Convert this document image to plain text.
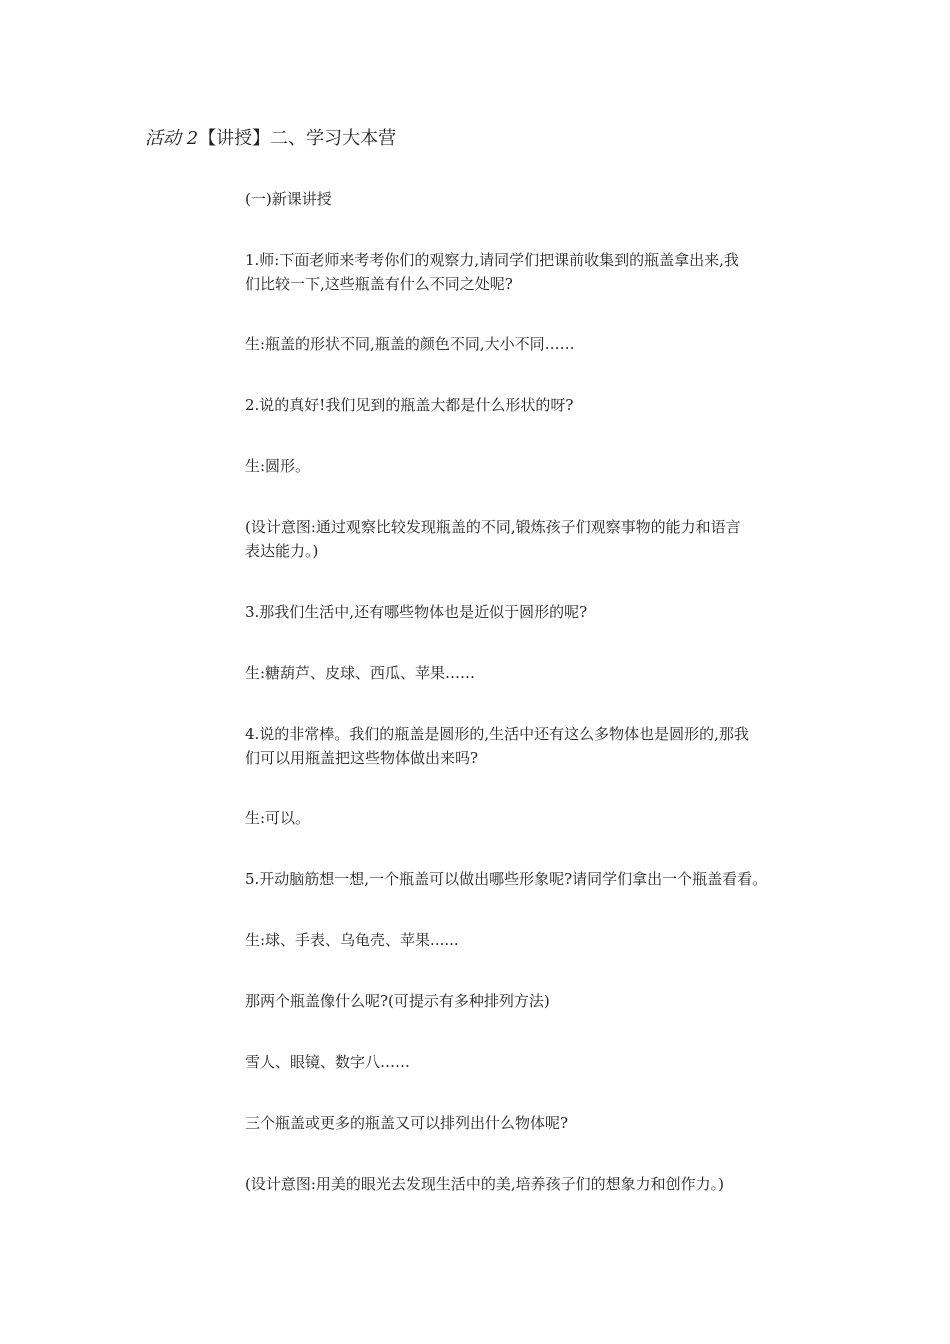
活动 2【讲授】二、学习大本营

(一)新课讲授

1.师:下面老师来考考你们的观察力,请同学们把课前收集到的瓶盖拿出来,我
们比较一下,这些瓶盖有什么不同之处呢?

生:瓶盖的形状不同,瓶盖的颜色不同,大小不同……

2.说的真好!我们见到的瓶盖大都是什么形状的呀?

生:圆形。

(设计意图:通过观察比较发现瓶盖的不同,锻炼孩子们观察事物的能力和语言
表达能力。)

3.那我们生活中,还有哪些物体也是近似于圆形的呢?

生:糖葫芦、皮球、西瓜、苹果……

4.说的非常棒。我们的瓶盖是圆形的,生活中还有这么多物体也是圆形的,那我
们可以用瓶盖把这些物体做出来吗?

生:可以。

5.开动脑筋想一想,一个瓶盖可以做出哪些形象呢?请同学们拿出一个瓶盖看看。

生:球、手表、乌龟壳、苹果......

那两个瓶盖像什么呢?(可提示有多种排列方法)

雪人、眼镜、数字八……

三个瓶盖或更多的瓶盖又可以排列出什么物体呢?

(设计意图:用美的眼光去发现生活中的美,培养孩子们的想象力和创作力。)
